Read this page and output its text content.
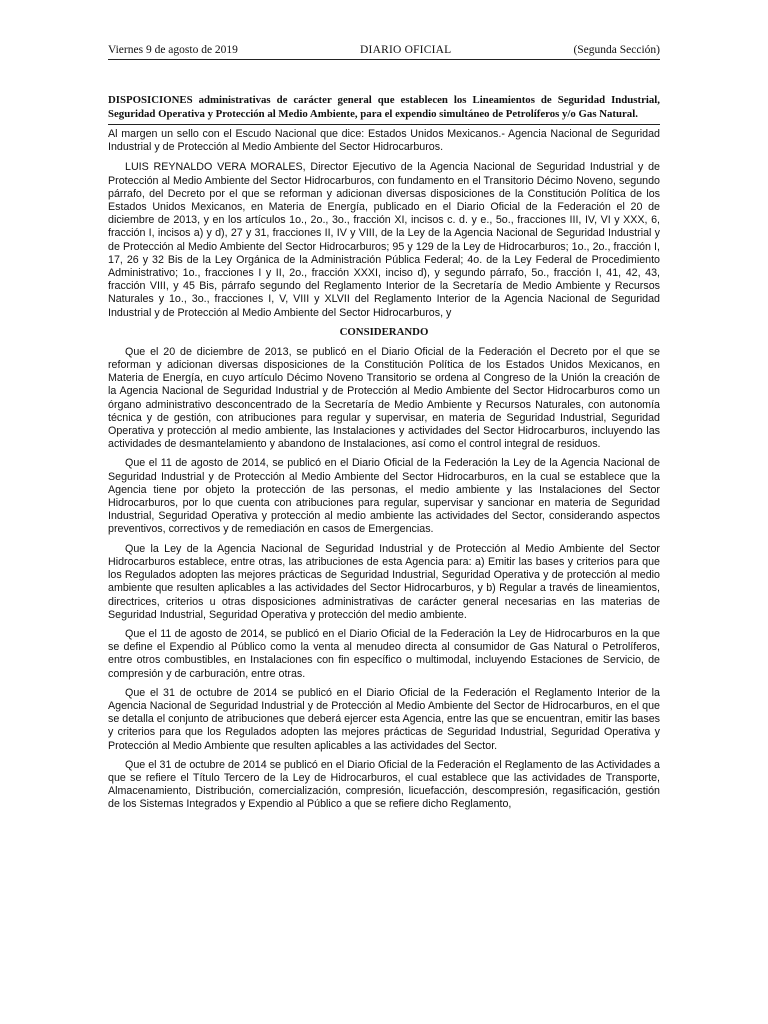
Viernes 9 de agosto de 2019	DIARIO OFICIAL	(Segunda Sección)
DISPOSICIONES administrativas de carácter general que establecen los Lineamientos de Seguridad Industrial, Seguridad Operativa y Protección al Medio Ambiente, para el expendio simultáneo de Petrolíferos y/o Gas Natural.
Al margen un sello con el Escudo Nacional que dice: Estados Unidos Mexicanos.- Agencia Nacional de Seguridad Industrial y de Protección al Medio Ambiente del Sector Hidrocarburos.

LUIS REYNALDO VERA MORALES, Director Ejecutivo de la Agencia Nacional de Seguridad Industrial y de Protección al Medio Ambiente del Sector Hidrocarburos, con fundamento en el Transitorio Décimo Noveno, segundo párrafo, del Decreto por el que se reforman y adicionan diversas disposiciones de la Constitución Política de los Estados Unidos Mexicanos, en Materia de Energía, publicado en el Diario Oficial de la Federación el 20 de diciembre de 2013, y en los artículos 1o., 2o., 3o., fracción XI, incisos c. d. y e., 5o., fracciones III, IV, VI y XXX, 6, fracción I, incisos a) y d), 27 y 31, fracciones II, IV y VIII, de la Ley de la Agencia Nacional de Seguridad Industrial y de Protección al Medio Ambiente del Sector Hidrocarburos; 95 y 129 de la Ley de Hidrocarburos; 1o., 2o., fracción I, 17, 26 y 32 Bis de la Ley Orgánica de la Administración Pública Federal; 4o. de la Ley Federal de Procedimiento Administrativo; 1o., fracciones I y II, 2o., fracción XXXI, inciso d), y segundo párrafo, 5o., fracción I, 41, 42, 43, fracción VIII, y 45 Bis, párrafo segundo del Reglamento Interior de la Secretaría de Medio Ambiente y Recursos Naturales y 1o., 3o., fracciones I, V, VIII y XLVII del Reglamento Interior de la Agencia Nacional de Seguridad Industrial y de Protección al Medio Ambiente del Sector Hidrocarburos, y

CONSIDERANDO

Que el 20 de diciembre de 2013, se publicó en el Diario Oficial de la Federación el Decreto por el que se reforman y adicionan diversas disposiciones de la Constitución Política de los Estados Unidos Mexicanos, en Materia de Energía, en cuyo artículo Décimo Noveno Transitorio se ordena al Congreso de la Unión la creación de la Agencia Nacional de Seguridad Industrial y de Protección al Medio Ambiente del Sector Hidrocarburos como un órgano administrativo desconcentrado de la Secretaría de Medio Ambiente y Recursos Naturales, con autonomía técnica y de gestión, con atribuciones para regular y supervisar, en materia de Seguridad Industrial, Seguridad Operativa y protección al medio ambiente, las Instalaciones y actividades del Sector Hidrocarburos, incluyendo las actividades de desmantelamiento y abandono de Instalaciones, así como el control integral de residuos.

Que el 11 de agosto de 2014, se publicó en el Diario Oficial de la Federación la Ley de la Agencia Nacional de Seguridad Industrial y de Protección al Medio Ambiente del Sector Hidrocarburos, en la cual se establece que la Agencia tiene por objeto la protección de las personas, el medio ambiente y las Instalaciones del Sector Hidrocarburos, por lo que cuenta con atribuciones para regular, supervisar y sancionar en materia de Seguridad Industrial, Seguridad Operativa y protección al medio ambiente las actividades del Sector, considerando aspectos preventivos, correctivos y de remediación en casos de Emergencias.

Que la Ley de la Agencia Nacional de Seguridad Industrial y de Protección al Medio Ambiente del Sector Hidrocarburos establece, entre otras, las atribuciones de esta Agencia para: a) Emitir las bases y criterios para que los Regulados adopten las mejores prácticas de Seguridad Industrial, Seguridad Operativa y de protección al medio ambiente que resulten aplicables a las actividades del Sector Hidrocarburos, y b) Regular a través de lineamientos, directrices, criterios u otras disposiciones administrativas de carácter general necesarias en las materias de Seguridad Industrial, Seguridad Operativa y protección del medio ambiente.

Que el 11 de agosto de 2014, se publicó en el Diario Oficial de la Federación la Ley de Hidrocarburos en la que se define el Expendio al Público como la venta al menudeo directa al consumidor de Gas Natural o Petrolíferos, entre otros combustibles, en Instalaciones con fin específico o multimodal, incluyendo Estaciones de Servicio, de compresión y de carburación, entre otras.

Que el 31 de octubre de 2014 se publicó en el Diario Oficial de la Federación el Reglamento Interior de la Agencia Nacional de Seguridad Industrial y de Protección al Medio Ambiente del Sector de Hidrocarburos, en el que se detalla el conjunto de atribuciones que deberá ejercer esta Agencia, entre las que se encuentran, emitir las bases y criterios para que los Regulados adopten las mejores prácticas de Seguridad Industrial, Seguridad Operativa y Protección al Medio Ambiente que resulten aplicables a las actividades del Sector.

Que el 31 de octubre de 2014 se publicó en el Diario Oficial de la Federación el Reglamento de las Actividades a que se refiere el Título Tercero de la Ley de Hidrocarburos, el cual establece que las actividades de Transporte, Almacenamiento, Distribución, comercialización, compresión, licuefacción, descompresión, regasificación, gestión de los Sistemas Integrados y Expendio al Público a que se refiere dicho Reglamento,
